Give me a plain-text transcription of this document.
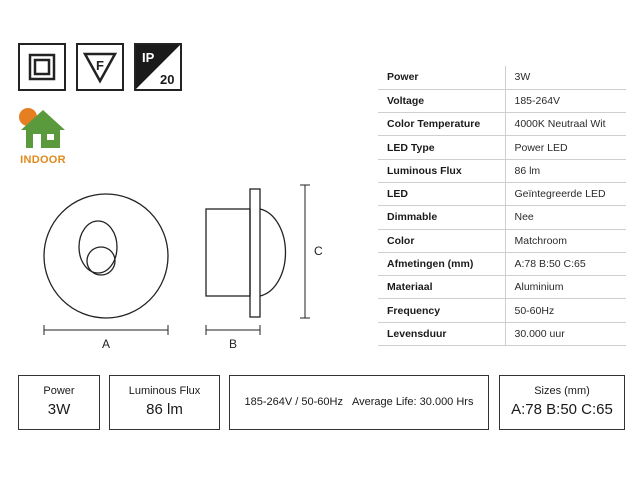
F
IP
20
INDOOR
A	B
C
Power	3W
Voltage	185-264V
Color Temperature	4000K Neutraal Wit
LED Type	Power LED
Luminous Flux	86 lm
LED	Geïntegreerde LED
Dimmable	Nee
Color	Matchroom
Afmetingen (mm)	A:78 B:50 C:65
Materiaal	Aluminium
Frequency	50-60Hz
Levensduur	30.000 uur
Power
3W
Luminous Flux
86 lm	185-264V / 50-60Hz Average Life: 30.000 Hrs
Sizes (mm)
A:78 B:50 C:65
